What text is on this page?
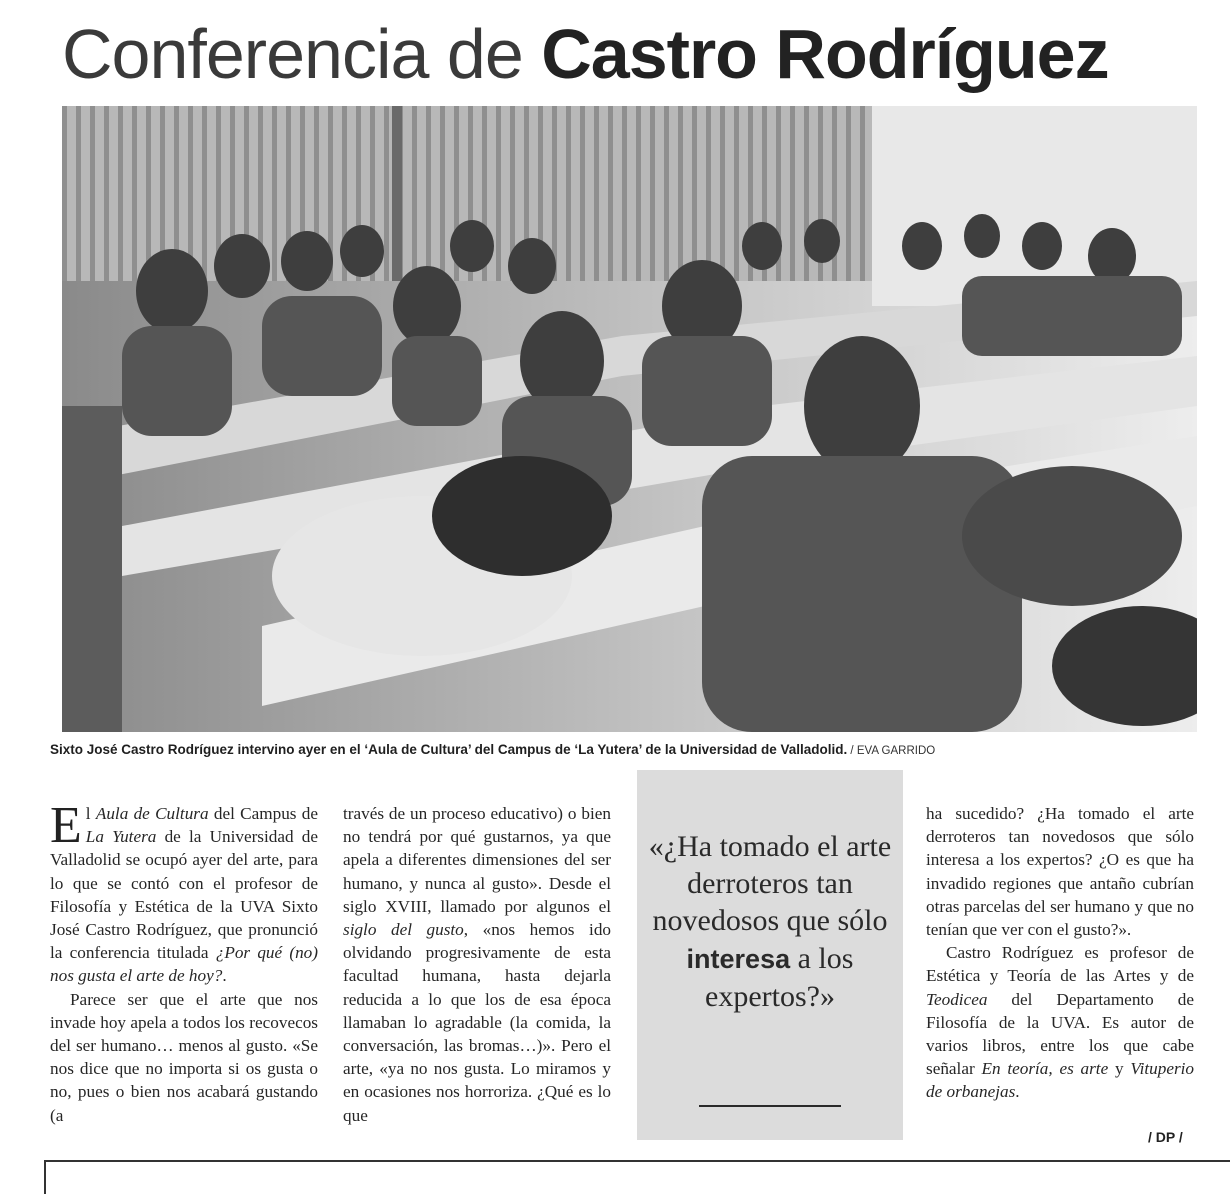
Conferencia de Castro Rodríguez
Sixto José Castro Rodríguez intervino ayer en el ‘Aula de Cultura’ del Campus de ‘La Yutera’ de la Universidad de Valladolid. / EVA GARRIDO

El Aula de Cultura del Campus de La Yutera de la Universidad de Valladolid se ocupó ayer del arte, para lo que se contó con el profesor de Filosofía y Estética de la UVA Sixto José Castro Rodríguez, que pronunció la conferencia titulada ¿Por qué (no) nos gusta el arte de hoy?.

Parece ser que el arte que nos invade hoy apela a todos los recovecos del ser humano… menos al gusto. «Se nos dice que no importa si os gusta o no, pues o bien nos acabará gustando (a

través de un proceso educativo) o bien no tendrá por qué gustarnos, ya que apela a diferentes dimensiones del ser humano, y nunca al gusto». Desde el siglo XVIII, llamado por algunos el siglo del gusto, «nos hemos ido olvidando progresivamente de esta facultad humana, hasta dejarla reducida a lo que los de esa época llamaban lo agradable (la comida, la conversación, las bromas…)». Pero el arte, «ya no nos gusta. Lo miramos y en ocasiones nos horroriza. ¿Qué es lo que

«¿Ha tomado el arte derroteros tan novedosos que sólo interesa a los expertos?»

ha sucedido? ¿Ha tomado el arte derroteros tan novedosos que sólo interesa a los expertos? ¿O es que ha invadido regiones que antaño cubrían otras parcelas del ser humano y que no tenían que ver con el gusto?».

Castro Rodríguez es profesor de Estética y Teoría de las Artes y de Teodicea del Departamento de Filosofía de la UVA. Es autor de varios libros, entre los que cabe señalar En teoría, es arte y Vituperio de orbanejas.

/ DP /
